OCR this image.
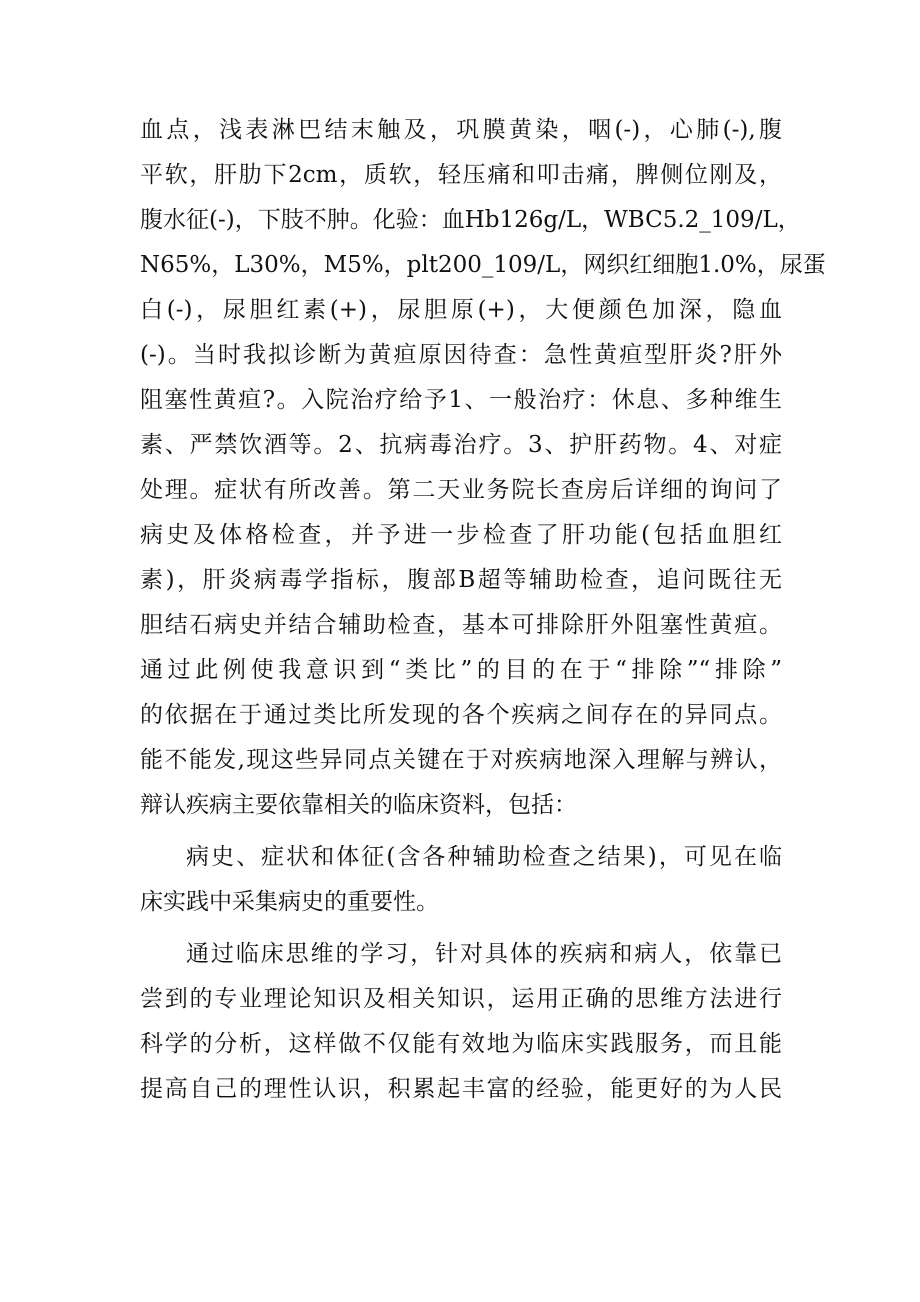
血点，浅表淋巴结末触及，巩膜黄染，咽(-)，心肺(-),腹
平软，肝肋下2cm，质软，轻压痛和叩击痛，脾侧位刚及，
腹水征(-)，下肢不肿。化验：血Hb126g/L，WBC5.2_109/L，
N65%，L30%，M5%，plt200_109/L，网织红细胞1.0%，尿蛋
白(-)，尿胆红素(+)，尿胆原(+)，大便颜色加深，隐血
(-)。当时我拟诊断为黄疸原因待查：急性黄疸型肝炎?肝外
阻塞性黄疸?。入院治疗给予1、一般治疗：休息、多种维生
素、严禁饮酒等。2、抗病毒治疗。3、护肝药物。4、对症
处理。症状有所改善。第二天业务院长查房后详细的询问了
病史及体格检查，并予进一步检查了肝功能(包括血胆红
素)，肝炎病毒学指标，腹部B超等辅助检查，追问既往无
胆结石病史并结合辅助检查，基本可排除肝外阻塞性黄疸。
通过此例使我意识到“类比”的目的在于“排除”“排除”
的依据在于通过类比所发现的各个疾病之间存在的异同点。
能不能发,现这些异同点关键在于对疾病地深入理解与辨认，
辩认疾病主要依靠相关的临床资料，包括：
病史、症状和体征(含各种辅助检查之结果)，可见在临
床实践中采集病史的重要性。
通过临床思维的学习，针对具体的疾病和病人，依靠已
尝到的专业理论知识及相关知识，运用正确的思维方法进行
科学的分析，这样做不仅能有效地为临床实践服务，而且能
提高自己的理性认识，积累起丰富的经验，能更好的为人民
